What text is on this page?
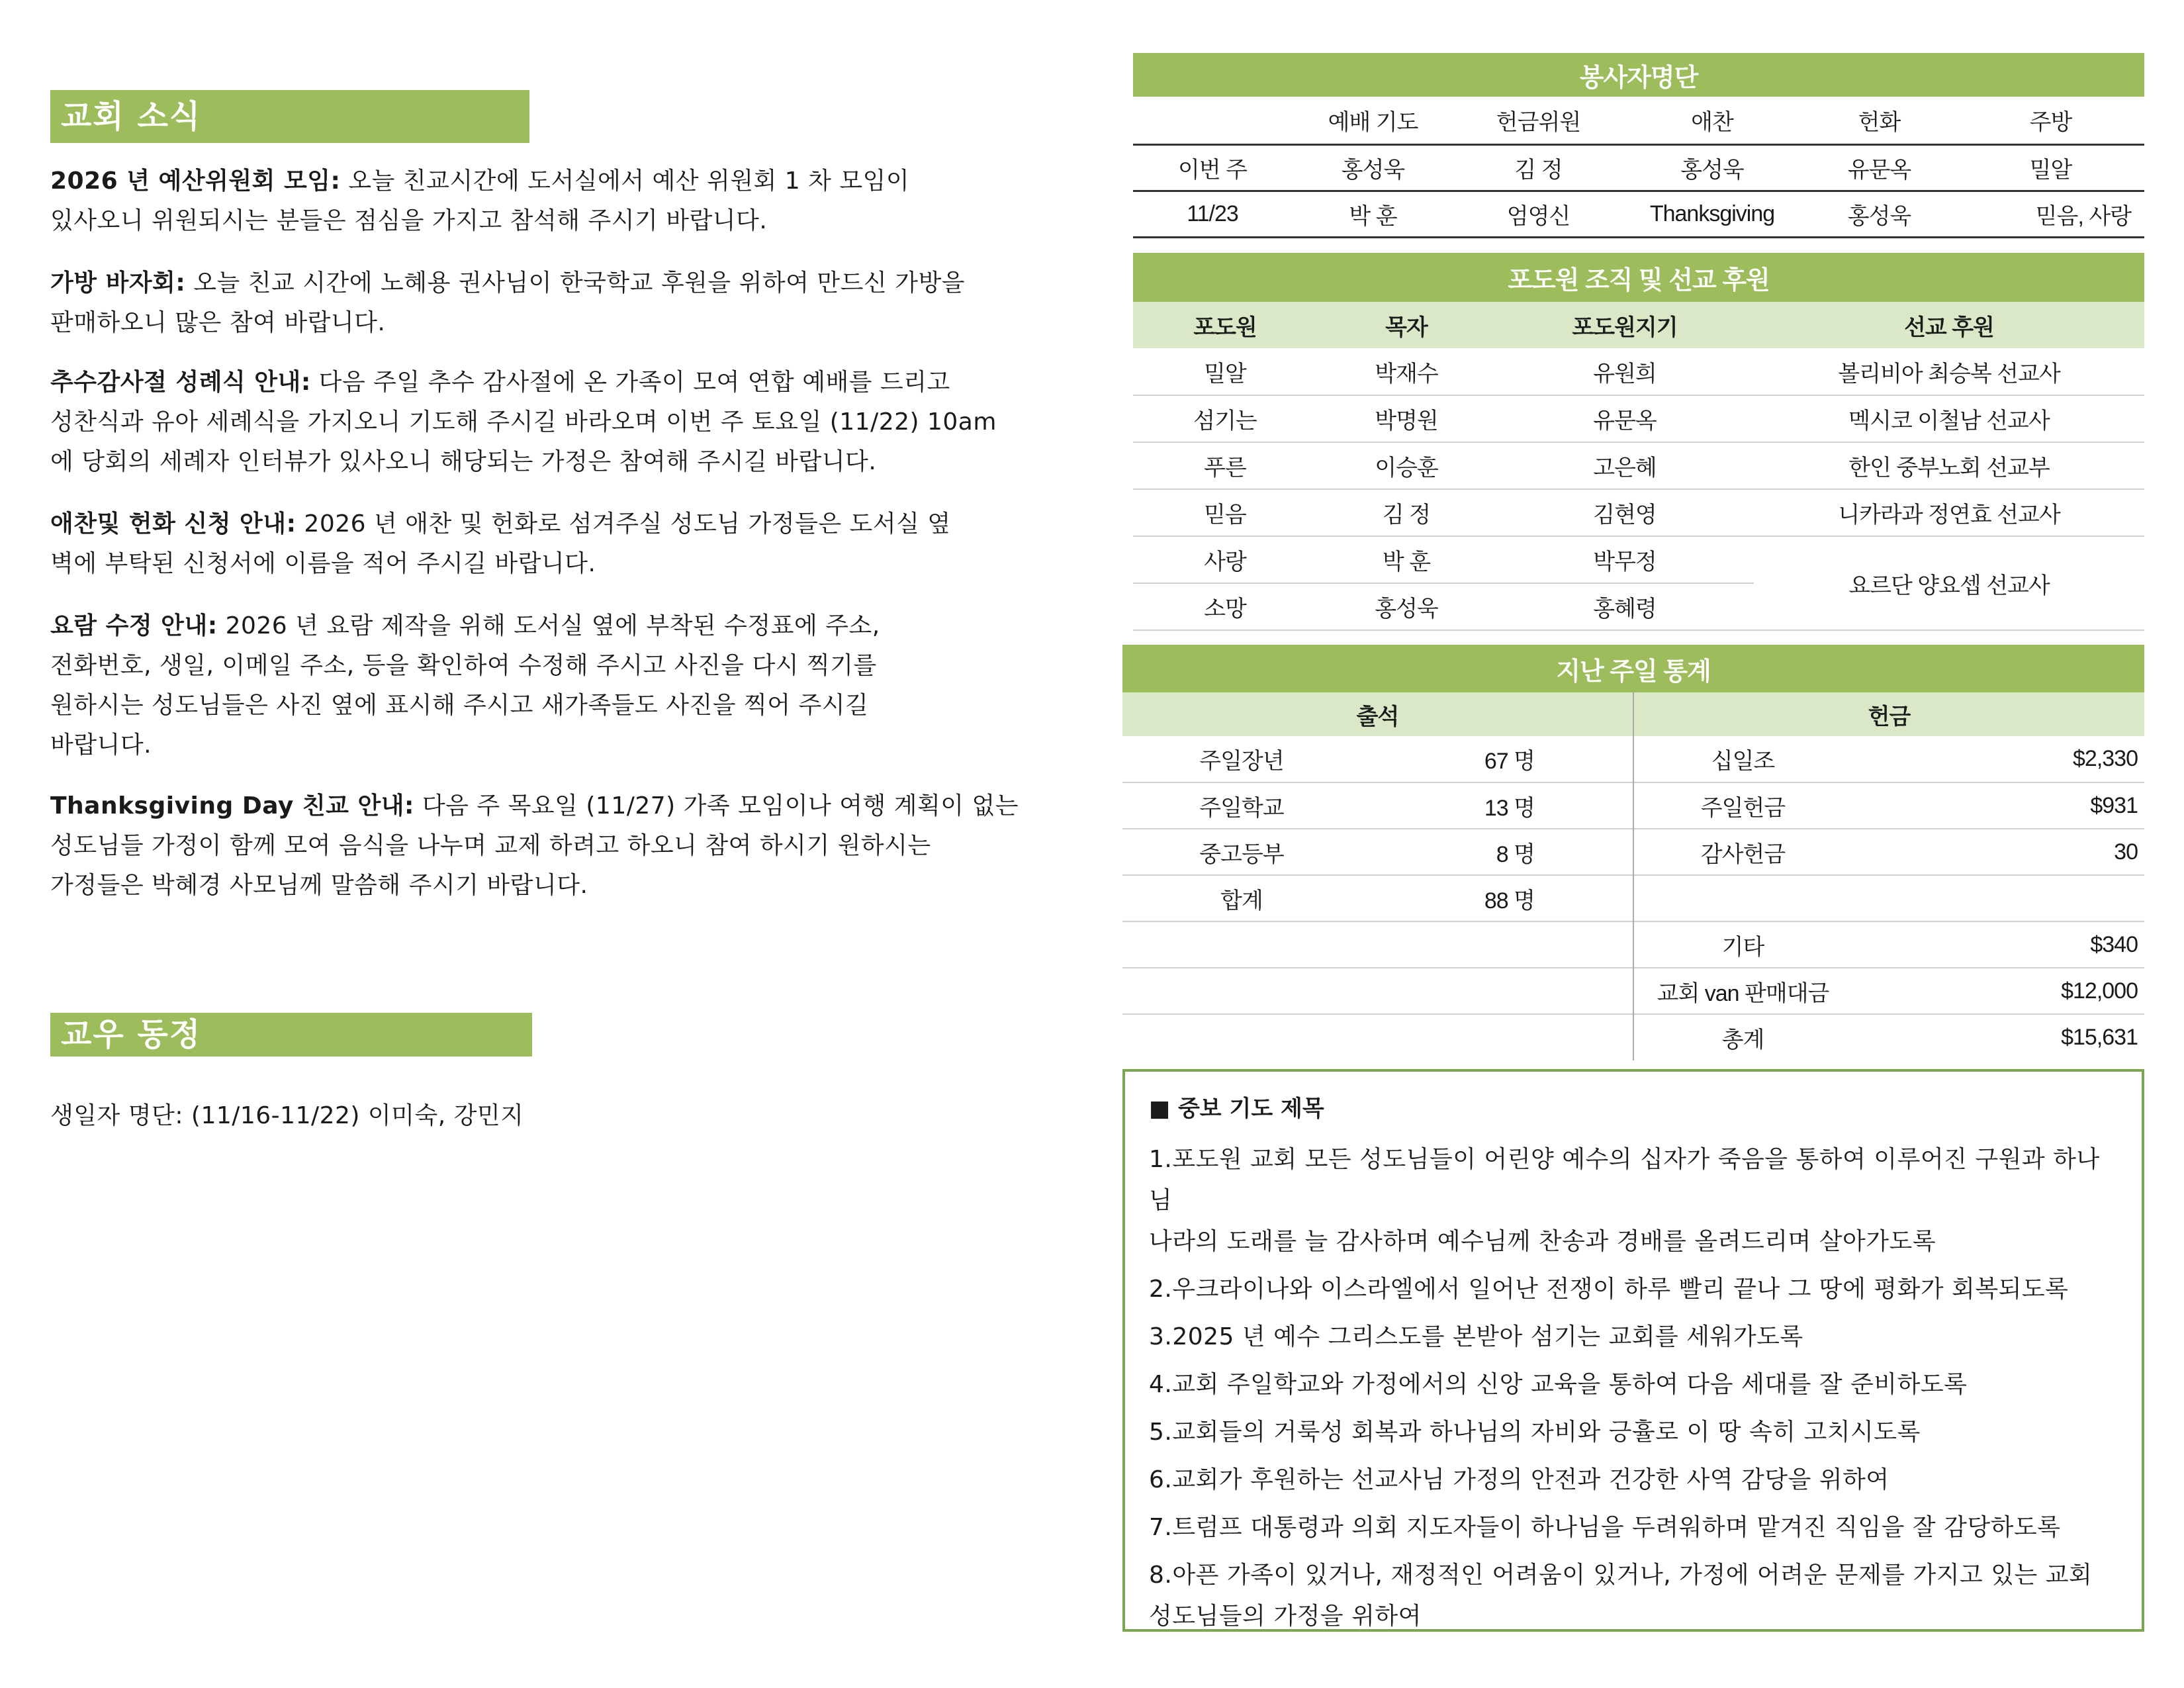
교회 소식
2026 년 예산위원회 모임: 오늘 친교시간에 도서실에서 예산 위원회 1 차 모임이
있사오니 위원되시는 분들은 점심을 가지고 참석해 주시기 바랍니다.
가방 바자회: 오늘 친교 시간에 노혜용 권사님이 한국학교 후원을 위하여 만드신 가방을
판매하오니 많은 참여 바랍니다.
추수감사절 성례식 안내: 다음 주일 추수 감사절에 온 가족이 모여 연합 예배를 드리고
성찬식과 유아 세례식을 가지오니 기도해 주시길 바라오며 이번 주 토요일 (11/22) 10am
에 당회의 세례자 인터뷰가 있사오니 해당되는 가정은 참여해 주시길 바랍니다.
애찬및 헌화 신청 안내: 2026 년 애찬 및 헌화로 섬겨주실 성도님 가정들은 도서실 옆
벽에 부탁된 신청서에 이름을 적어 주시길 바랍니다.
요람 수정 안내: 2026 년 요람 제작을 위해 도서실 옆에 부착된 수정표에 주소,
전화번호, 생일, 이메일 주소, 등을 확인하여 수정해 주시고 사진을 다시 찍기를
원하시는 성도님들은 사진 옆에 표시해 주시고 새가족들도 사진을 찍어 주시길
바랍니다.
Thanksgiving Day 친교 안내: 다음 주 목요일 (11/27) 가족 모임이나 여행 계획이 없는
성도님들 가정이 함께 모여 음식을 나누며 교제 하려고 하오니 참여 하시기 원하시는
가정들은 박혜경 사모님께 말씀해 주시기 바랍니다.
교우 동정
생일자 명단: (11/16-11/22) 이미숙, 강민지
봉사자명단					
	예배 기도	헌금위원	애찬	헌화	주방
이번 주	홍성욱	김 정	홍성욱	유문옥	밀알
11/23	박 훈	엄영신	Thanksgiving	홍성욱	믿음, 사랑
포도원 조직 및 선교 후원			
포도원	목자	포도원지기	선교 후원
밀알	박재수	유원희	볼리비아 최승복 선교사
섬기는	박명원	유문옥	멕시코 이철남 선교사
푸른	이승훈	고은혜	한인 중부노회 선교부
믿음	김 정	김현영	니카라과 정연효 선교사
사랑	박 훈	박무정	요르단 양요셉 선교사
소망	홍성욱	홍혜령	
지난 주일 통계			
출석		헌금	
주일장년	67 명	십일조	$2,330
주일학교	13 명	주일헌금	$931
중고등부	8 명	감사헌금	30
합계	88 명		
		기타	$340
		교회 van 판매대금	$12,000
		총계	$15,631
■ 중보 기도 제목
1.포도원 교회 모든 성도님들이 어린양 예수의 십자가 죽음을 통하여 이루어진 구원과 하나님
나라의 도래를 늘 감사하며 예수님께 찬송과 경배를 올려드리며 살아가도록
2.우크라이나와 이스라엘에서 일어난 전쟁이 하루 빨리 끝나 그 땅에 평화가 회복되도록
3.2025 년 예수 그리스도를 본받아 섬기는 교회를 세워가도록
4.교회 주일학교와 가정에서의 신앙 교육을 통하여 다음 세대를 잘 준비하도록
5.교회들의 거룩성 회복과 하나님의 자비와 긍휼로 이 땅 속히 고치시도록
6.교회가 후원하는 선교사님 가정의 안전과 건강한 사역 감당을 위하여
7.트럼프 대통령과 의회 지도자들이 하나님을 두려워하며 맡겨진 직임을 잘 감당하도록
8.아픈 가족이 있거나, 재정적인 어려움이 있거나, 가정에 어려운 문제를 가지고 있는 교회
성도님들의 가정을 위하여
